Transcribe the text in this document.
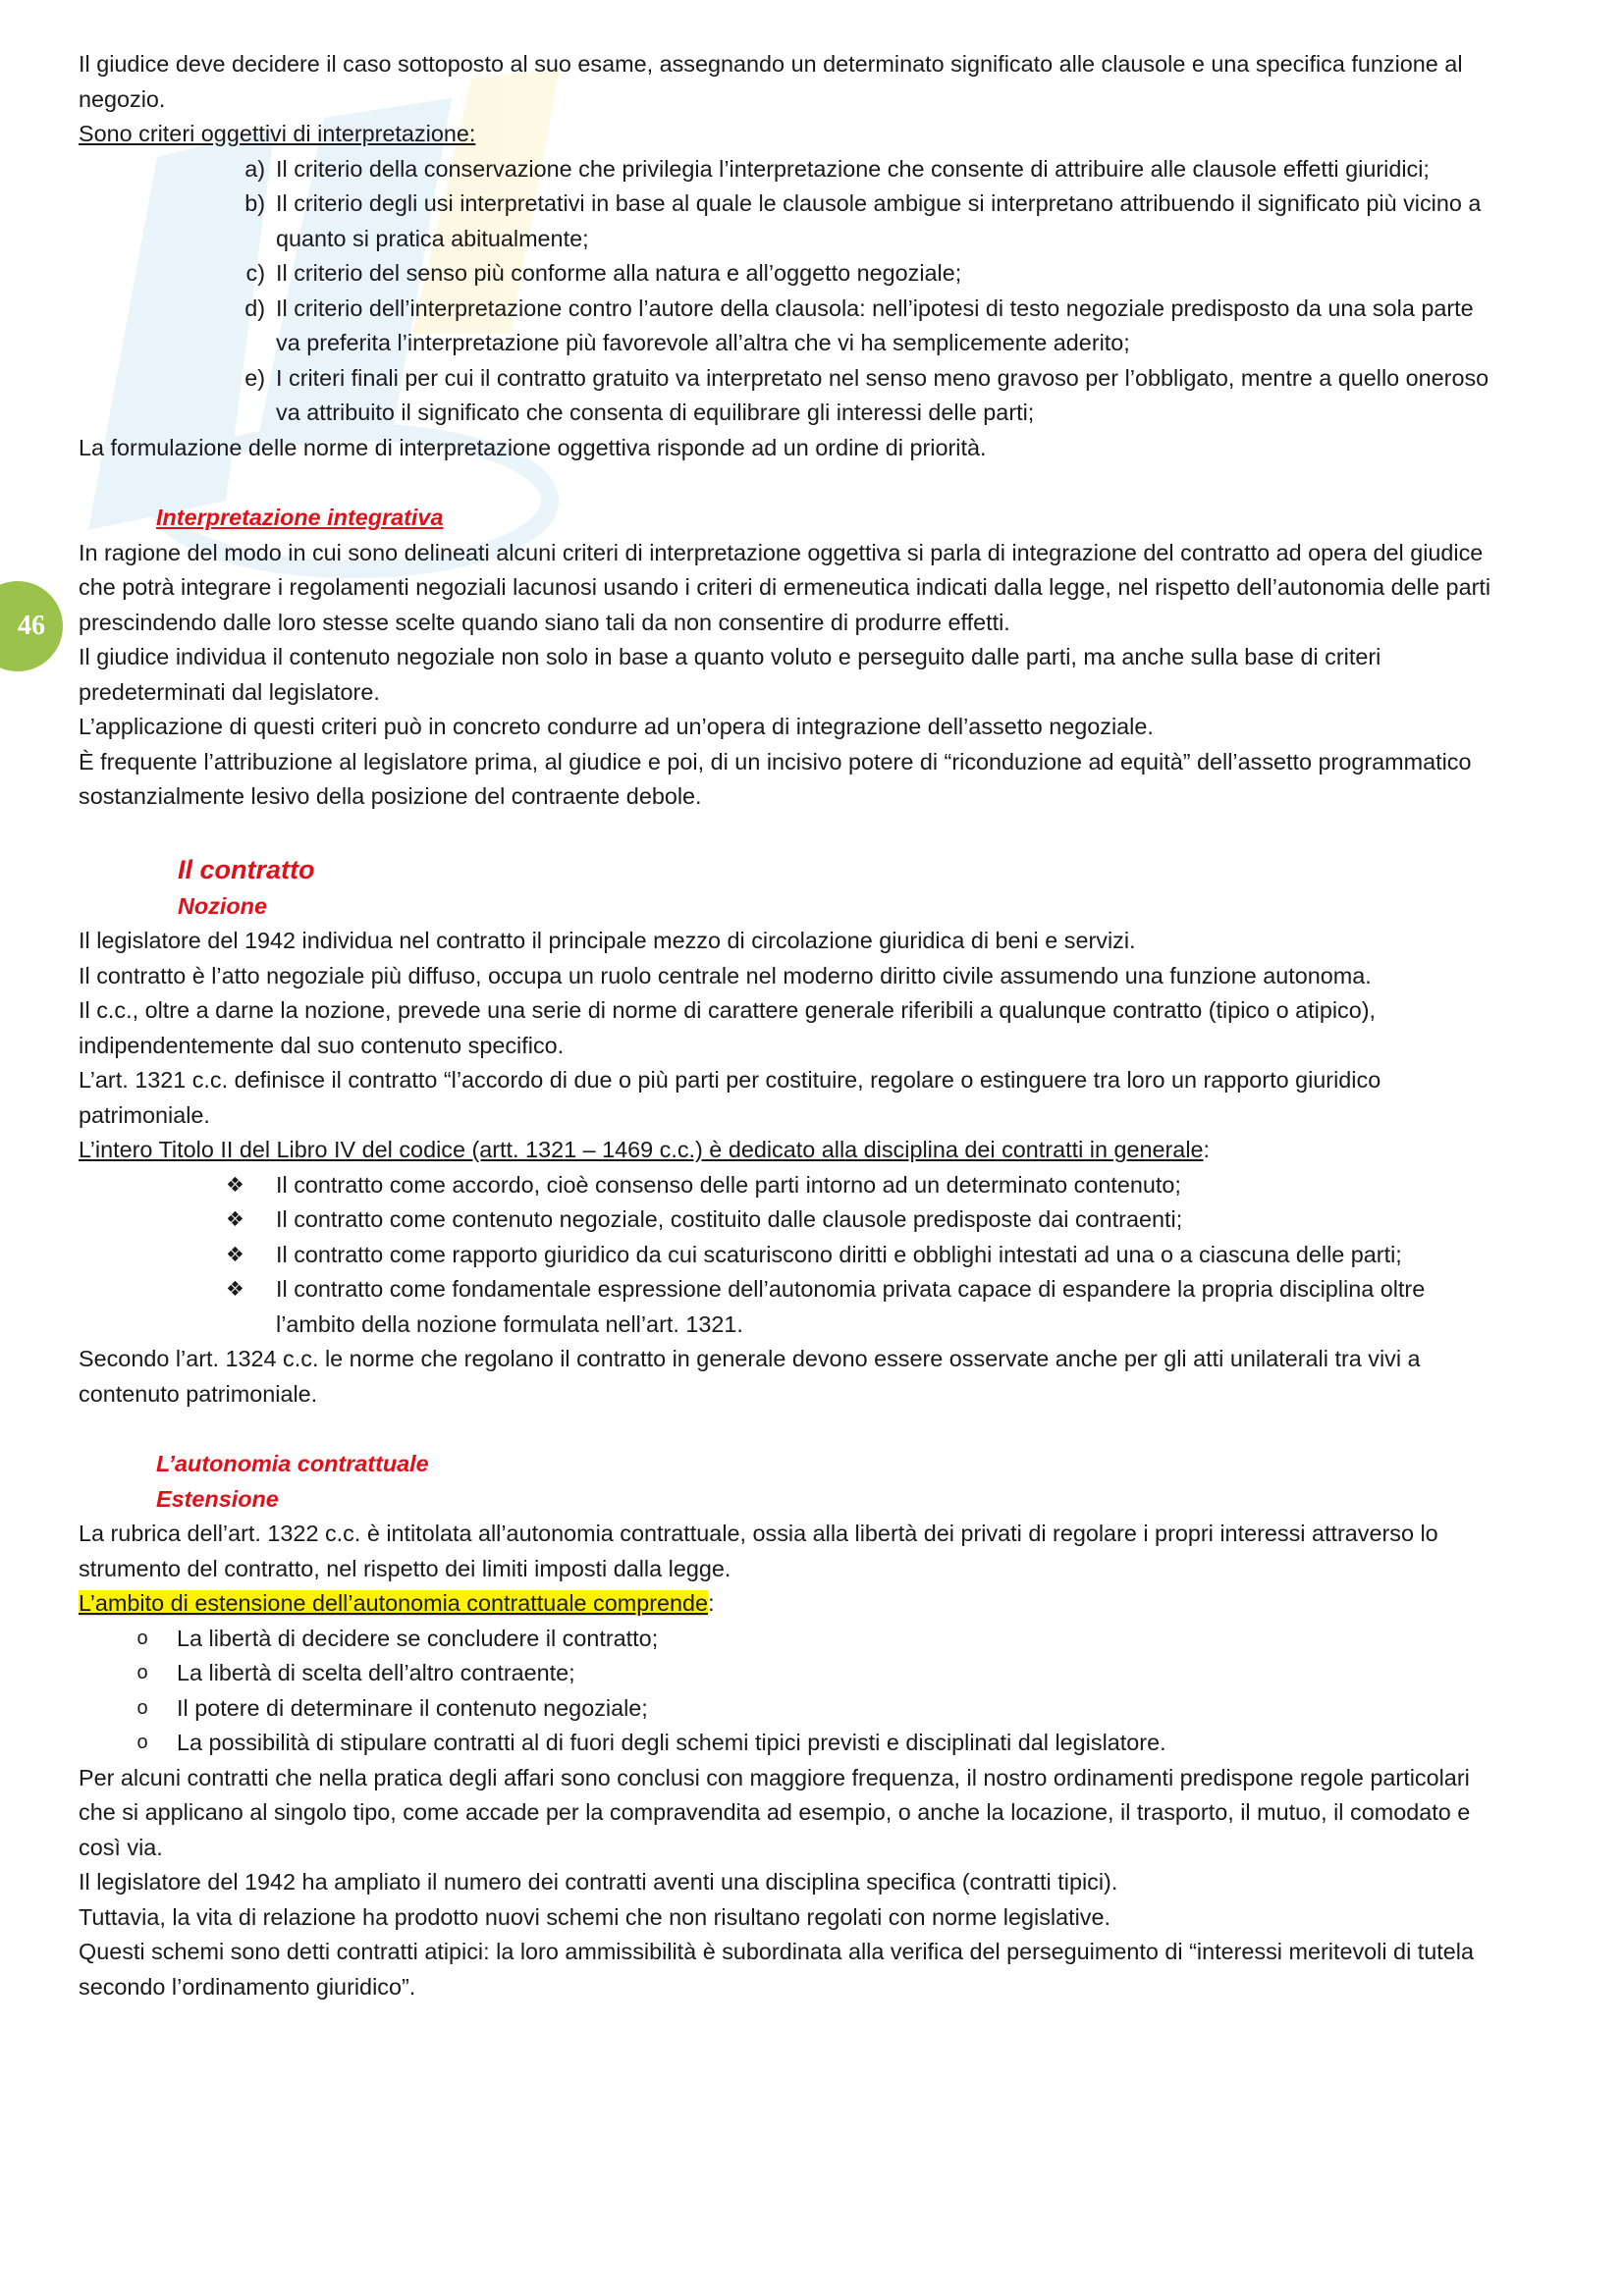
46

Il giudice deve decidere il caso sottoposto al suo esame, assegnando un determinato significato alle clausole e una specifica funzione al negozio.

Sono criteri oggettivi di interpretazione:

a) Il criterio della conservazione che privilegia l’interpretazione che consente di attribuire alle clausole effetti giuridici;
b) Il criterio degli usi interpretativi in base al quale le clausole ambigue si interpretano attribuendo il significato più vicino a quanto si pratica abitualmente;
c) Il criterio del senso più conforme alla natura e all’oggetto negoziale;
d) Il criterio dell’interpretazione contro l’autore della clausola: nell’ipotesi di testo negoziale predisposto da una sola parte va preferita l’interpretazione più favorevole all’altra che vi ha semplicemente aderito;
e) I criteri finali per cui il contratto gratuito va interpretato nel senso meno gravoso per l’obbligato, mentre a quello oneroso va attribuito il significato che consenta di equilibrare gli interessi delle parti;

La formulazione delle norme di interpretazione oggettiva risponde ad un ordine di priorità.

Interpretazione integrativa

In ragione del modo in cui sono delineati alcuni criteri di interpretazione oggettiva si parla di integrazione del contratto ad opera del giudice che potrà integrare i regolamenti negoziali lacunosi usando i criteri di ermeneutica indicati dalla legge, nel rispetto dell’autonomia delle parti prescindendo dalle loro stesse scelte quando siano tali da non consentire di produrre effetti.

Il giudice individua il contenuto negoziale non solo in base a quanto voluto e perseguito dalle parti, ma anche sulla base di criteri predeterminati dal legislatore.

L’applicazione di questi criteri può in concreto condurre ad un’opera di integrazione dell’assetto negoziale.

È frequente l’attribuzione al legislatore prima, al giudice e poi, di un incisivo potere di “riconduzione ad equità” dell’assetto programmatico sostanzialmente lesivo della posizione del contraente debole.

Il contratto

Nozione

Il legislatore del 1942 individua nel contratto il principale mezzo di circolazione giuridica di beni e servizi.

Il contratto è l’atto negoziale più diffuso, occupa un ruolo centrale nel moderno diritto civile assumendo una funzione autonoma.

Il c.c., oltre a darne la nozione, prevede una serie di norme di carattere generale riferibili a qualunque contratto (tipico o atipico), indipendentemente dal suo contenuto specifico.

L’art. 1321 c.c. definisce il contratto “l’accordo di due o più parti per costituire, regolare o estinguere tra loro un rapporto giuridico patrimoniale.

L’intero Titolo II del Libro IV del codice (artt. 1321 – 1469 c.c.) è dedicato alla disciplina dei contratti in generale:

❖	Il contratto come accordo, cioè consenso delle parti intorno ad un determinato contenuto;
❖	Il contratto come contenuto negoziale, costituito dalle clausole predisposte dai contraenti;
❖	Il contratto come rapporto giuridico da cui scaturiscono diritti e obblighi intestati ad una o a ciascuna delle parti;
❖	Il contratto come fondamentale espressione dell’autonomia privata capace di espandere la propria disciplina oltre l’ambito della nozione formulata nell’art. 1321.

Secondo l’art. 1324 c.c. le norme che regolano il contratto in generale devono essere osservate anche per gli atti unilaterali tra vivi a contenuto patrimoniale.

L’autonomia contrattuale

Estensione

La rubrica dell’art. 1322 c.c. è intitolata all’autonomia contrattuale, ossia alla libertà dei privati di regolare i propri interessi attraverso lo strumento del contratto, nel rispetto dei limiti imposti dalla legge.

L’ambito di estensione dell’autonomia contrattuale comprende:

o	La libertà di decidere se concludere il contratto;
o	La libertà di scelta dell’altro contraente;
o	Il potere di determinare il contenuto negoziale;
o	La possibilità di stipulare contratti al di fuori degli schemi tipici previsti e disciplinati dal legislatore.

Per alcuni contratti che nella pratica degli affari sono conclusi con maggiore frequenza, il nostro ordinamenti predispone regole particolari che si applicano al singolo tipo, come accade per la compravendita ad esempio, o anche la locazione, il trasporto, il mutuo, il comodato e così via.

Il legislatore del 1942 ha ampliato il numero dei contratti aventi una disciplina specifica (contratti tipici).

Tuttavia, la vita di relazione ha prodotto nuovi schemi che non risultano regolati con norme legislative.

Questi schemi sono detti contratti atipici: la loro ammissibilità è subordinata alla verifica del perseguimento di “interessi meritevoli di tutela secondo l’ordinamento giuridico”.
